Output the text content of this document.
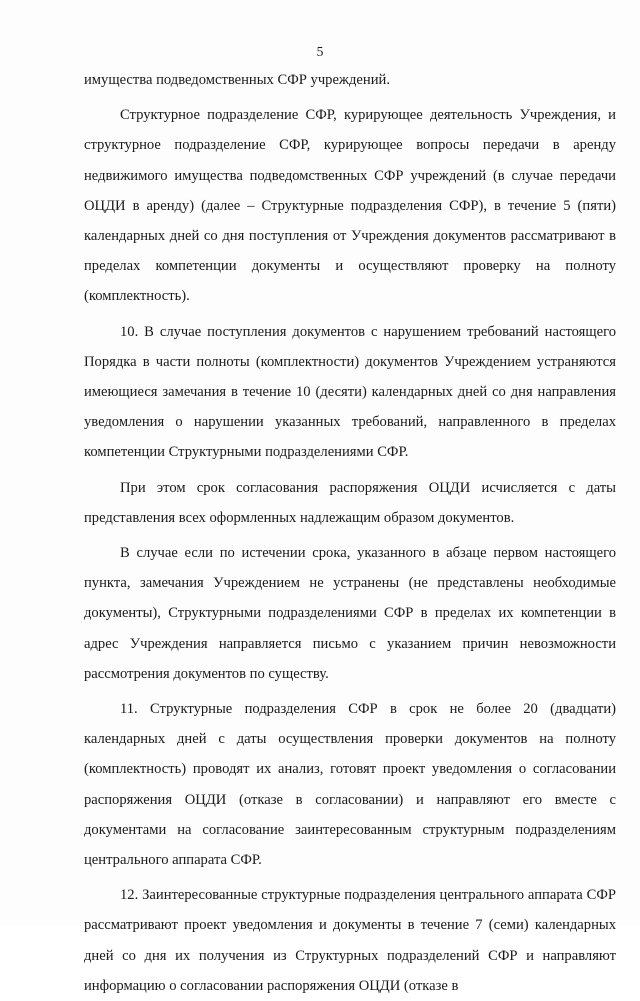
5

имущества подведомственных СФР учреждений.

Структурное подразделение СФР, курирующее деятельность Учреждения, и структурное подразделение СФР, курирующее вопросы передачи в аренду недвижимого имущества подведомственных СФР учреждений (в случае передачи ОЦДИ в аренду) (далее – Структурные подразделения СФР), в течение 5 (пяти) календарных дней со дня поступления от Учреждения документов рассматривают в пределах компетенции документы и осуществляют проверку на полноту (комплектность).

10. В случае поступления документов с нарушением требований настоящего Порядка в части полноты (комплектности) документов Учреждением устраняются имеющиеся замечания в течение 10 (десяти) календарных дней со дня направления уведомления о нарушении указанных требований, направленного в пределах компетенции Структурными подразделениями СФР.

При этом срок согласования распоряжения ОЦДИ исчисляется с даты представления всех оформленных надлежащим образом документов.

В случае если по истечении срока, указанного в абзаце первом настоящего пункта, замечания Учреждением не устранены (не представлены необходимые документы), Структурными подразделениями СФР в пределах их компетенции в адрес Учреждения направляется письмо с указанием причин невозможности рассмотрения документов по существу.

11. Структурные подразделения СФР в срок не более 20 (двадцати) календарных дней с даты осуществления проверки документов на полноту (комплектность) проводят их анализ, готовят проект уведомления о согласовании распоряжения ОЦДИ (отказе в согласовании) и направляют его вместе с документами на согласование заинтересованным структурным подразделениям центрального аппарата СФР.

12. Заинтересованные структурные подразделения центрального аппарата СФР рассматривают проект уведомления и документы в течение 7 (семи) календарных дней со дня их получения из Структурных подразделений СФР и направляют информацию о согласовании распоряжения ОЦДИ (отказе в
